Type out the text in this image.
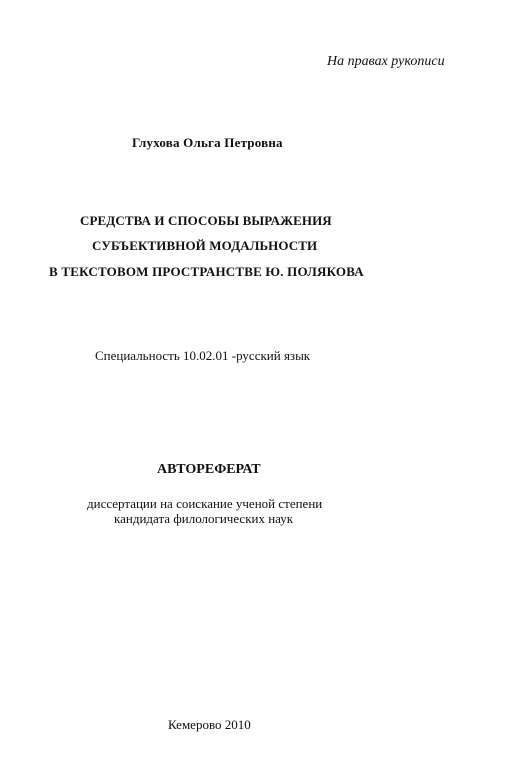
На правах рукописи
Глухова Ольга Петровна
СРЕДСТВА И СПОСОБЫ ВЫРАЖЕНИЯ
СУБЪЕКТИВНОЙ МОДАЛЬНОСТИ
В ТЕКСТОВОМ ПРОСТРАНСТВЕ Ю. ПОЛЯКОВА
Специальность 10.02.01 -русский язык
АВТОРЕФЕРАТ
диссертации на соискание ученой степени
кандидата филологических наук
Кемерово 2010
